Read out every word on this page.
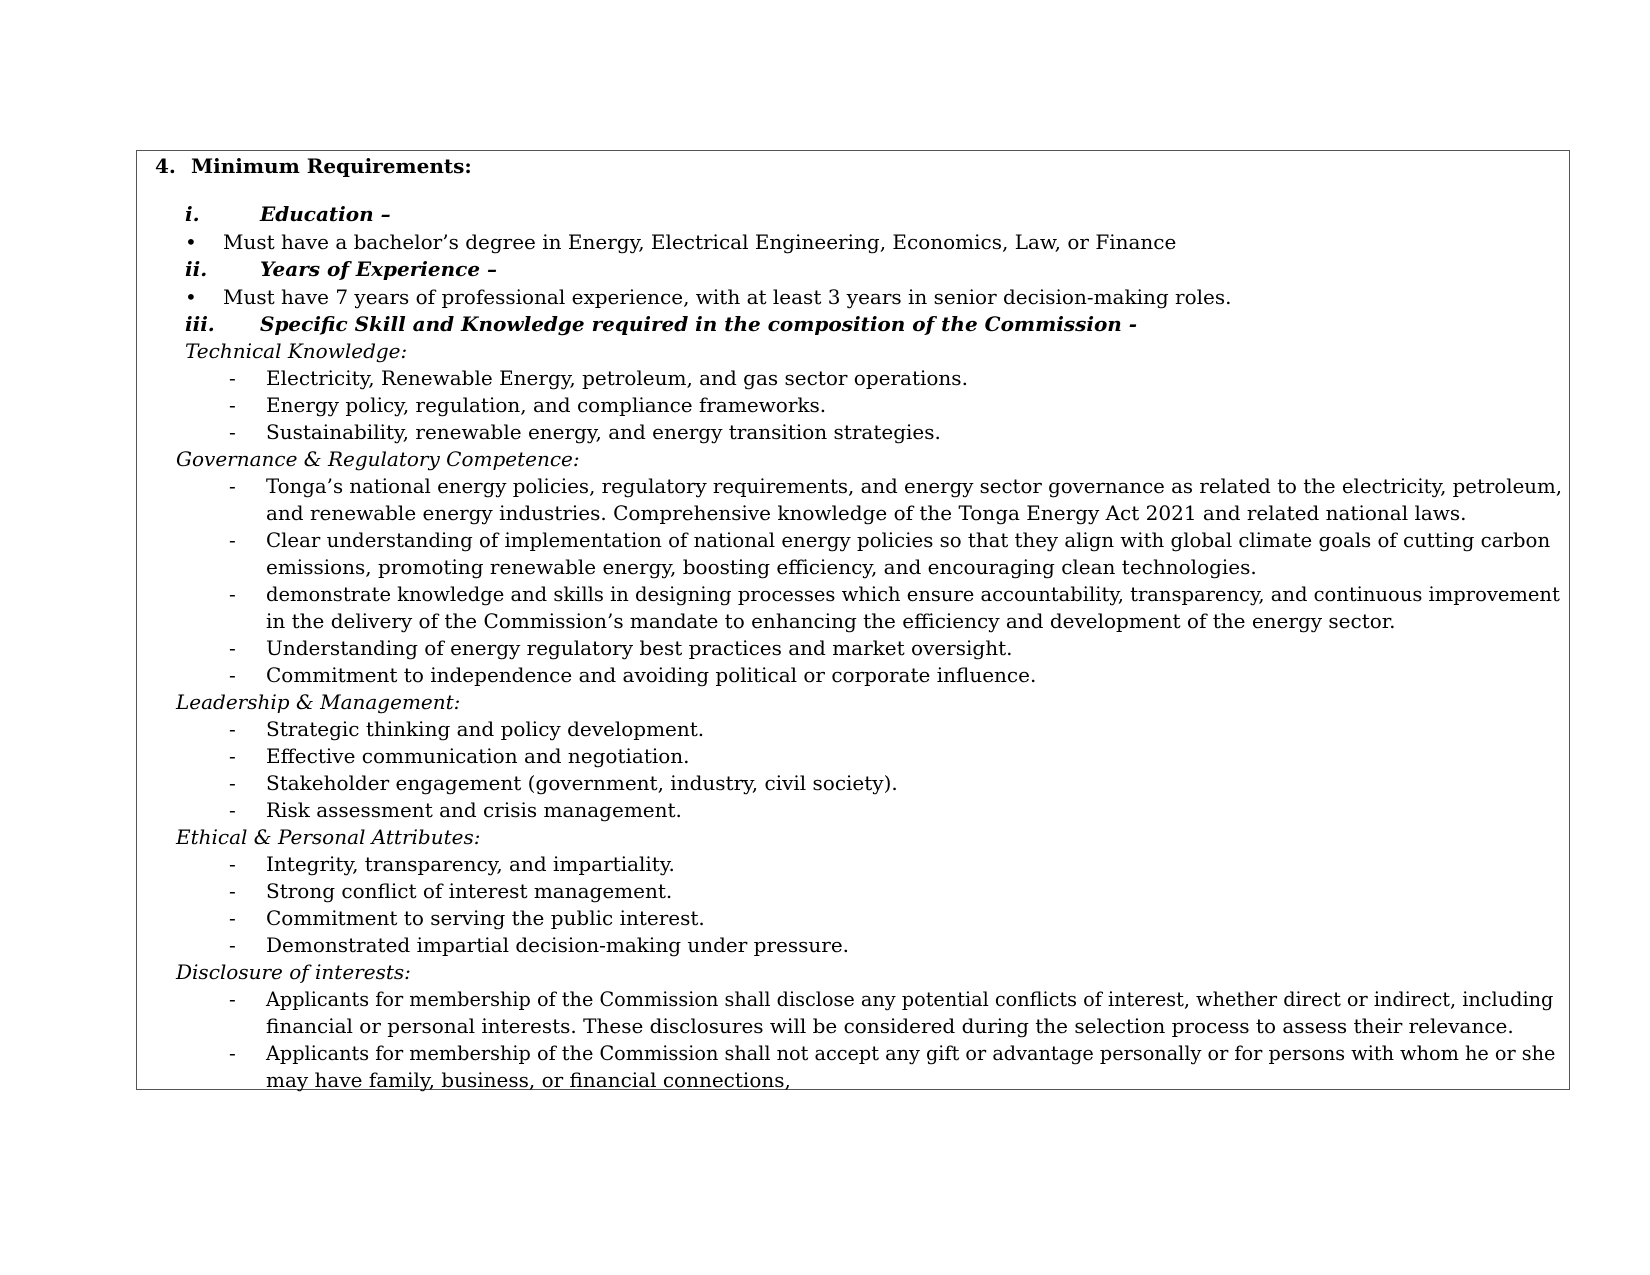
4. Minimum Requirements:
i.	Education –
• Must have a bachelor’s degree in Energy, Electrical Engineering, Economics, Law, or Finance
ii.	Years of Experience –
• Must have 7 years of professional experience, with at least 3 years in senior decision-making roles.
iii. Specific Skill and Knowledge required in the composition of the Commission -
Technical Knowledge:
- Electricity, Renewable Energy, petroleum, and gas sector operations.
- Energy policy, regulation, and compliance frameworks.
- Sustainability, renewable energy, and energy transition strategies.
Governance & Regulatory Competence:
- Tonga’s national energy policies, regulatory requirements, and energy sector governance as related to the electricity, petroleum,
and renewable energy industries. Comprehensive knowledge of the Tonga Energy Act 2021 and related national laws.
- Clear understanding of implementation of national energy policies so that they align with global climate goals of cutting carbon
emissions, promoting renewable energy, boosting efficiency, and encouraging clean technologies.
- demonstrate knowledge and skills in designing processes which ensure accountability, transparency, and continuous improvement
in the delivery of the Commission’s mandate to enhancing the efficiency and development of the energy sector.
- Understanding of energy regulatory best practices and market oversight.
- Commitment to independence and avoiding political or corporate influence.
Leadership & Management:
- Strategic thinking and policy development.
- Effective communication and negotiation.
- Stakeholder engagement (government, industry, civil society).
- Risk assessment and crisis management.
Ethical & Personal Attributes:
- Integrity, transparency, and impartiality.
- Strong conflict of interest management.
- Commitment to serving the public interest.
- Demonstrated impartial decision-making under pressure.
Disclosure of interests:
- Applicants for membership of the Commission shall disclose any potential conflicts of interest, whether direct or indirect, including
financial or personal interests. These disclosures will be considered during the selection process to assess their relevance.
- Applicants for membership of the Commission shall not accept any gift or advantage personally or for persons with whom he or she
may have family, business, or financial connections,
